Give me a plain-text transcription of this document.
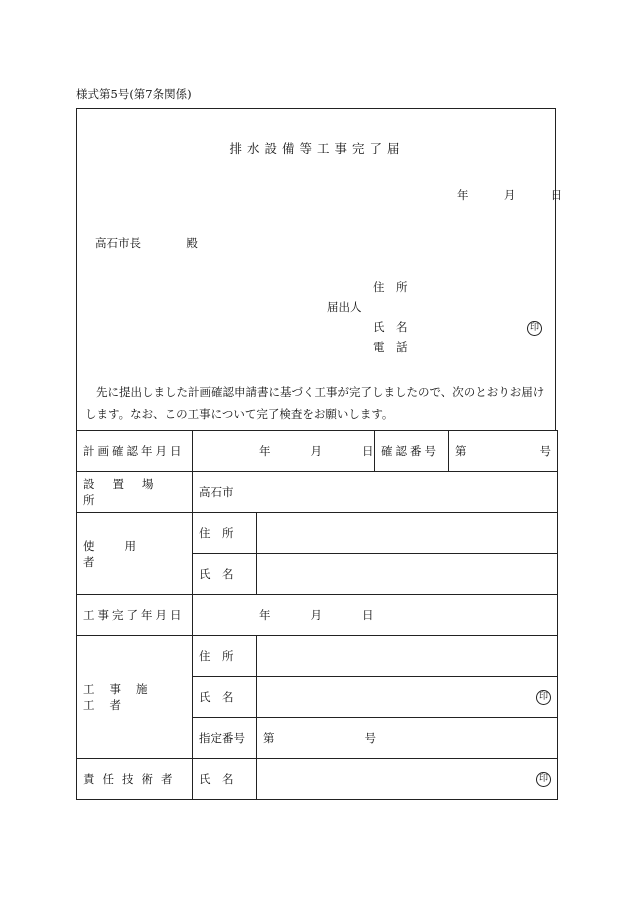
様式第5号(第7条関係)
排水設備等工事完了届
年	月	日
高石市長	殿
住　所
届出人
氏　名	印
電　話
先に提出しました計画確認申請書に基づく工事が完了しましたので、次のとおりお届けします。なお、この工事について完了検査をお願いします。
計画確認年月日	年 月 日		確認番号	第 号

設置場所	高石市			
使用者	住　所			
	氏　名			
工事完了年月日	年 月 日			

工事施工者	住　所			
	氏　名	印		

	指定番号	第 号		

責任技術者	氏　名	印		
